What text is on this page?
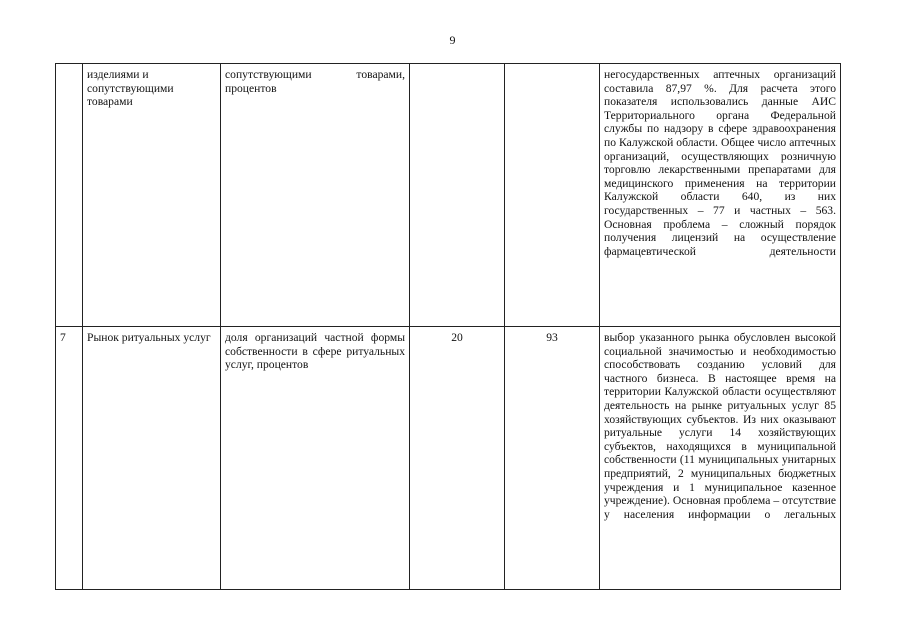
9
	изделиями и сопутствующими товарами	сопутствующими товарами, процентов			негосударственных аптечных организаций составила 87,97 %. Для расчета этого показателя использовались данные АИС Территориального органа Федеральной службы по надзору в сфере здравоохранения по Калужской области. Общее число аптечных организаций, осуществляющих розничную торговлю лекарственными препаратами для медицинского применения на территории Калужской области 640, из них государственных – 77 и частных – 563. Основная проблема – сложный порядок получения лицензий на осуществление фармацевтической деятельности

7	Рынок ритуальных услуг	доля организаций частной формы собственности в сфере ритуальных услуг, процентов	20	93	выбор указанного рынка обусловлен высокой социальной значимостью и необходимостью способствовать созданию условий для частного бизнеса. В настоящее время на территории Калужской области осуществляют деятельность на рынке ритуальных услуг 85 хозяйствующих субъектов. Из них оказывают ритуальные услуги 14 хозяйствующих субъектов, находящихся в муниципальной собственности (11 муниципальных унитарных предприятий, 2 муниципальных бюджетных учреждения и 1 муниципальное казенное учреждение). Основная проблема – отсутствие у населения информации о легальных
